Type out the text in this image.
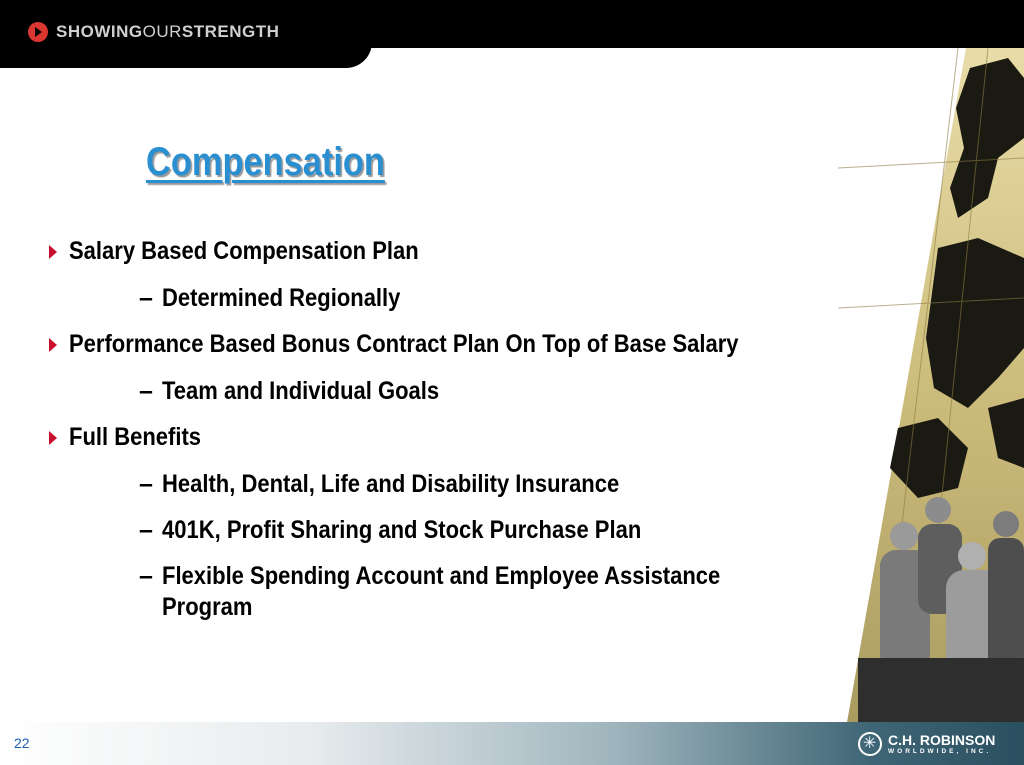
SHOWINGOURSTRENGTH
Compensation
Salary Based Compensation Plan
– Determined Regionally
Performance Based Bonus Contract Plan On Top of Base Salary
– Team and Individual Goals
Full Benefits
– Health, Dental, Life and Disability Insurance
– 401K, Profit Sharing and Stock Purchase Plan
– Flexible Spending Account and Employee Assistance Program
22
✳	C.H. ROBINSON
WORLDWIDE, INC.
